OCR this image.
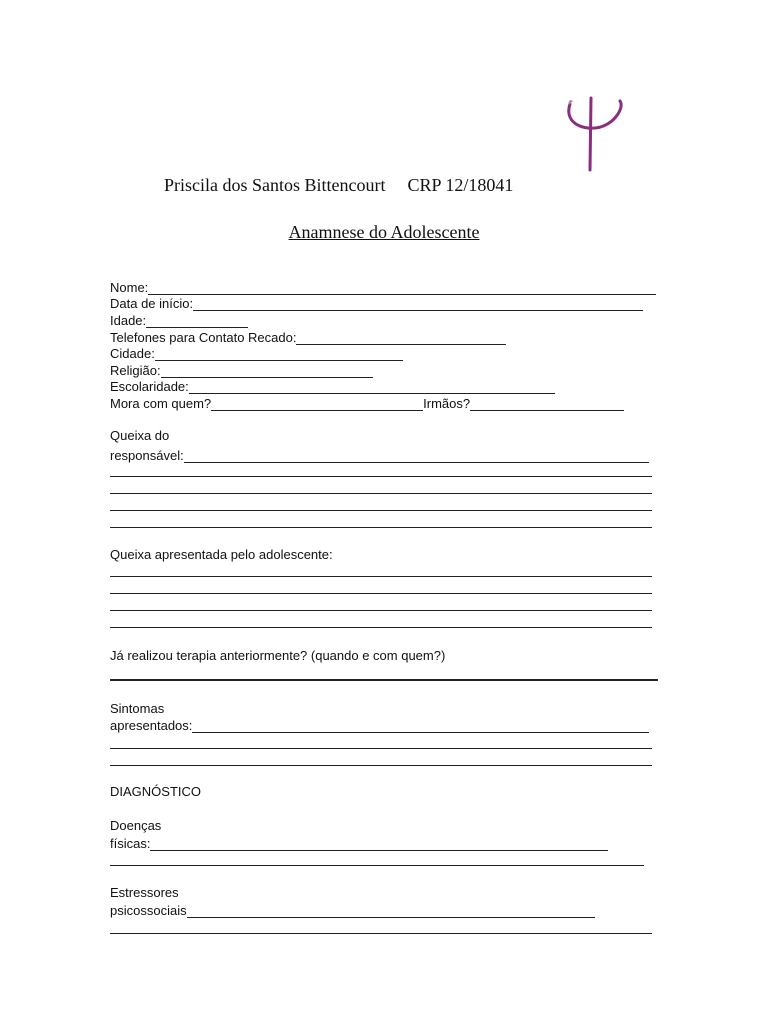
Priscila dos Santos Bittencourt CRP 12/18041

Anamnese do Adolescente
Nome:
Data de início:
Idade:
Telefones para Contato Recado:
Cidade:
Religião:
Escolaridade:
Mora com quem?	Irmãos?
Queixa do
responsável:
Queixa apresentada pelo adolescente:
Já realizou terapia anteriormente? (quando e com quem?)
Sintomas
apresentados:
DIAGNÓSTICO
Doenças
físicas:
Estressores
psicossociais
